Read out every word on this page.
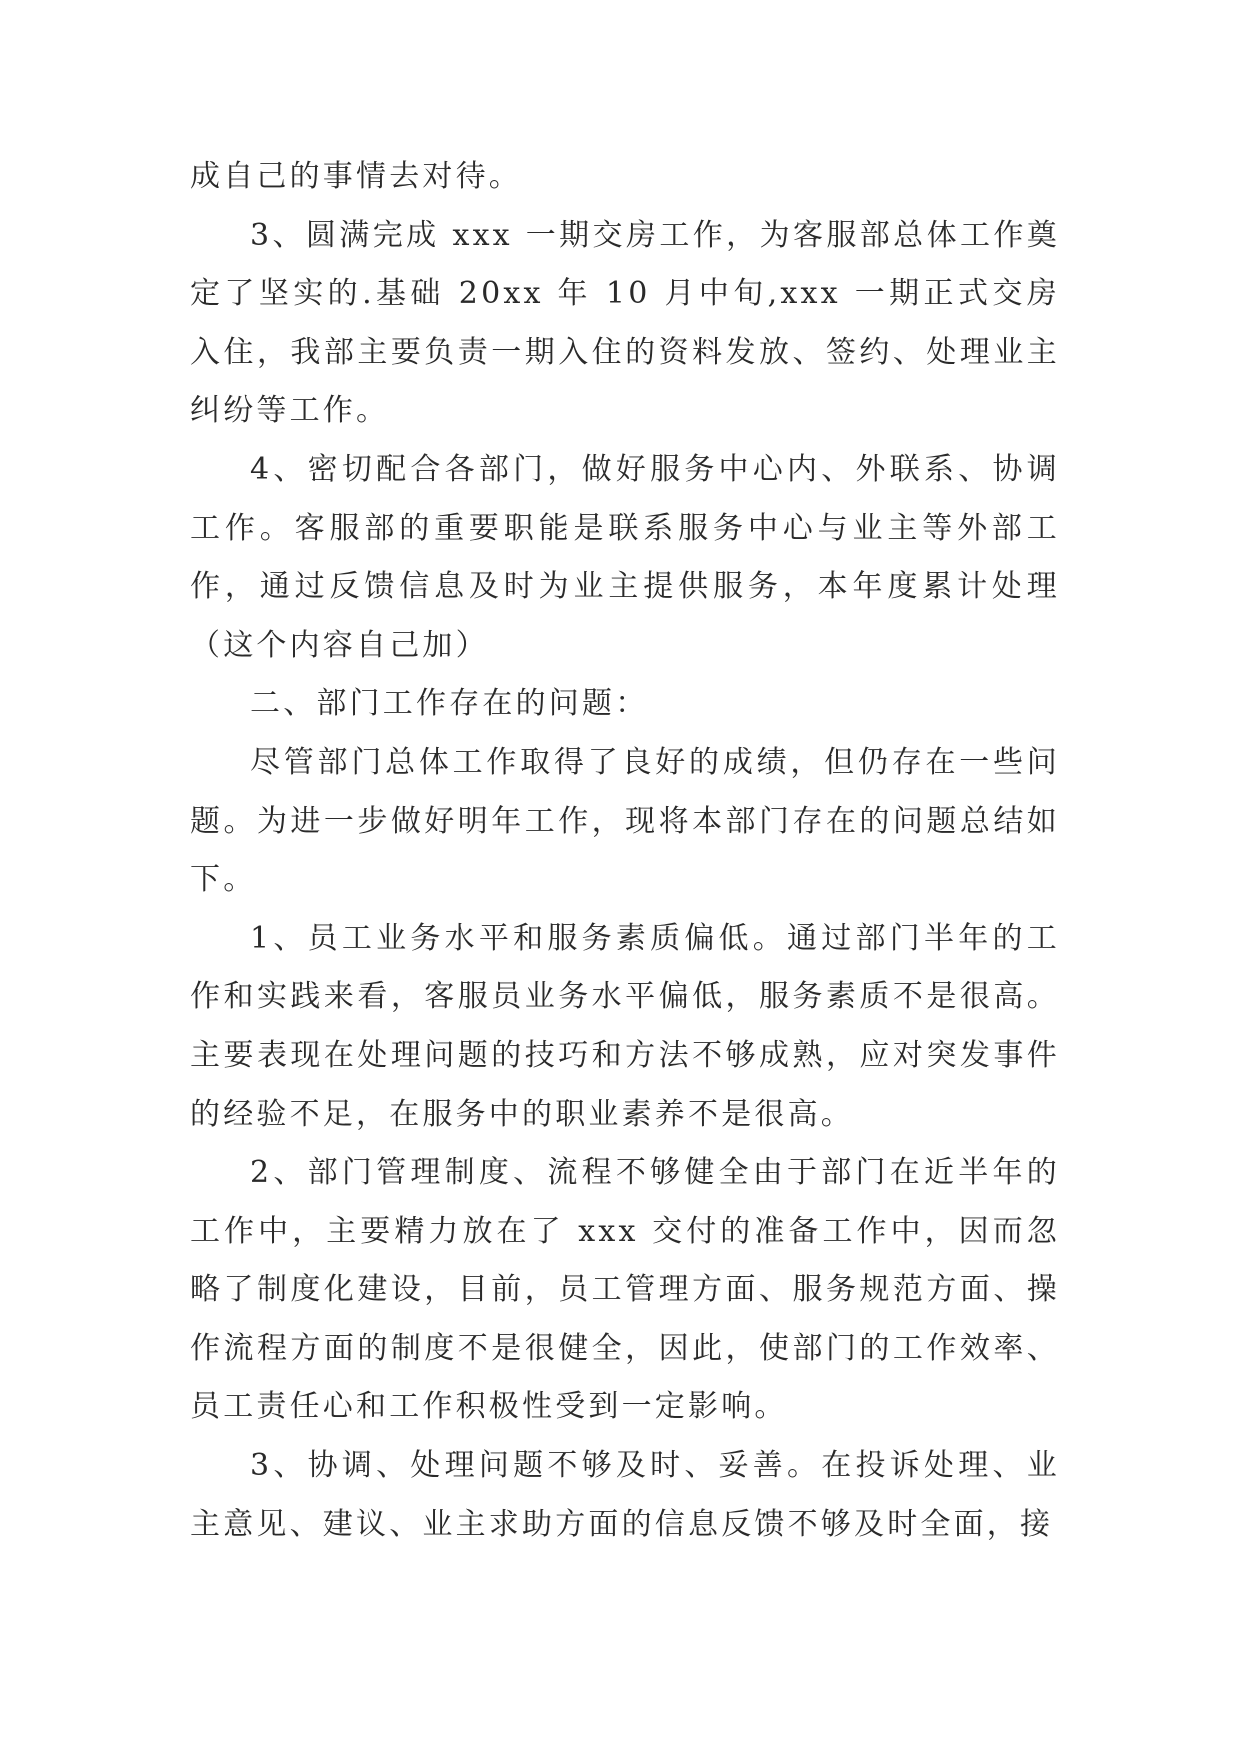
成自己的事情去对待。

3、圆满完成 xxx 一期交房工作，为客服部总体工作奠定了坚实的.基础 20xx 年 10 月中旬,xxx 一期正式交房入住，我部主要负责一期入住的资料发放、签约、处理业主纠纷等工作。

4、密切配合各部门，做好服务中心内、外联系、协调工作。客服部的重要职能是联系服务中心与业主等外部工作，通过反馈信息及时为业主提供服务，本年度累计处理（这个内容自己加）

二、部门工作存在的问题：

尽管部门总体工作取得了良好的成绩，但仍存在一些问题。为进一步做好明年工作，现将本部门存在的问题总结如下。

1、员工业务水平和服务素质偏低。通过部门半年的工作和实践来看，客服员业务水平偏低，服务素质不是很高。主要表现在处理问题的技巧和方法不够成熟，应对突发事件的经验不足，在服务中的职业素养不是很高。

2、部门管理制度、流程不够健全由于部门在近半年的工作中，主要精力放在了 xxx 交付的准备工作中，因而忽略了制度化建设，目前，员工管理方面、服务规范方面、操作流程方面的制度不是很健全，因此，使部门的工作效率、员工责任心和工作积极性受到一定影响。

3、协调、处理问题不够及时、妥善。在投诉处理、业主意见、建议、业主求助方面的信息反馈不够及时全面，接
